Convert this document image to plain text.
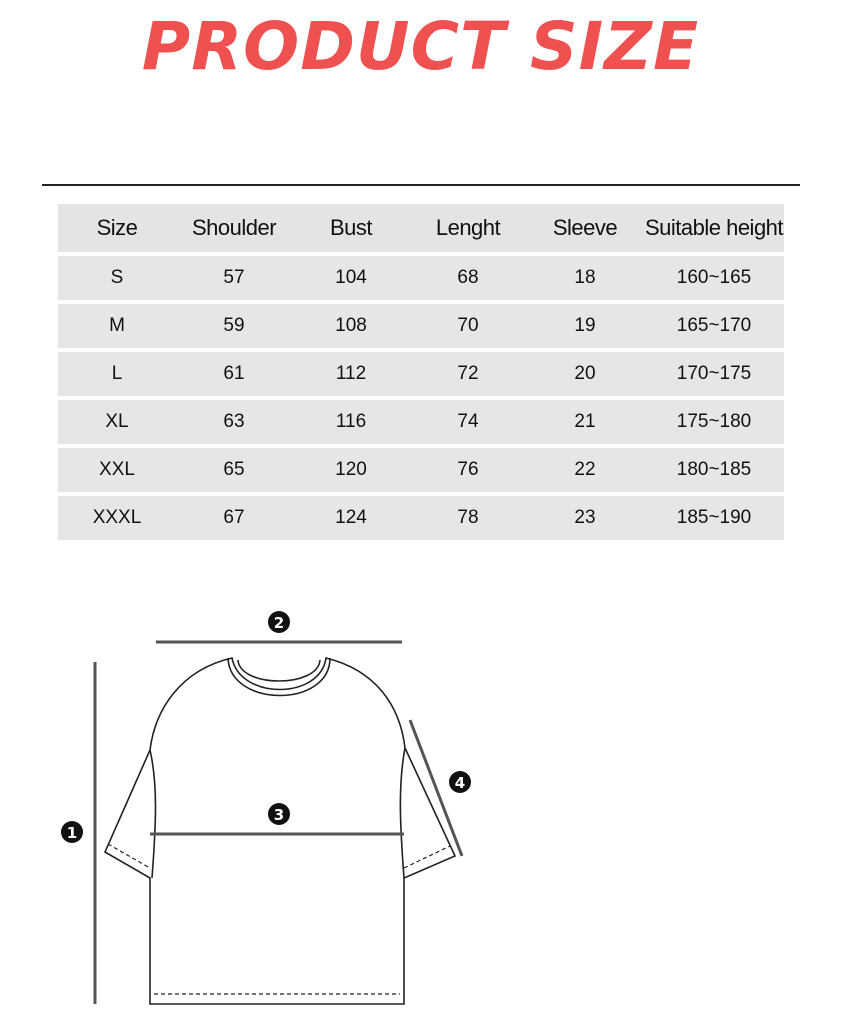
PRODUCT SIZE
Size	Shoulder	Bust	Lenght	Sleeve	Suitable height
S	57	104	68	18	160~165
M	59	108	70	19	165~170
L	61	112	72	20	170~175
XL	63	116	74	21	175~180
XXL	65	120	76	22	180~185
XXXL	67	124	78	23	185~190
1
2
3
4
